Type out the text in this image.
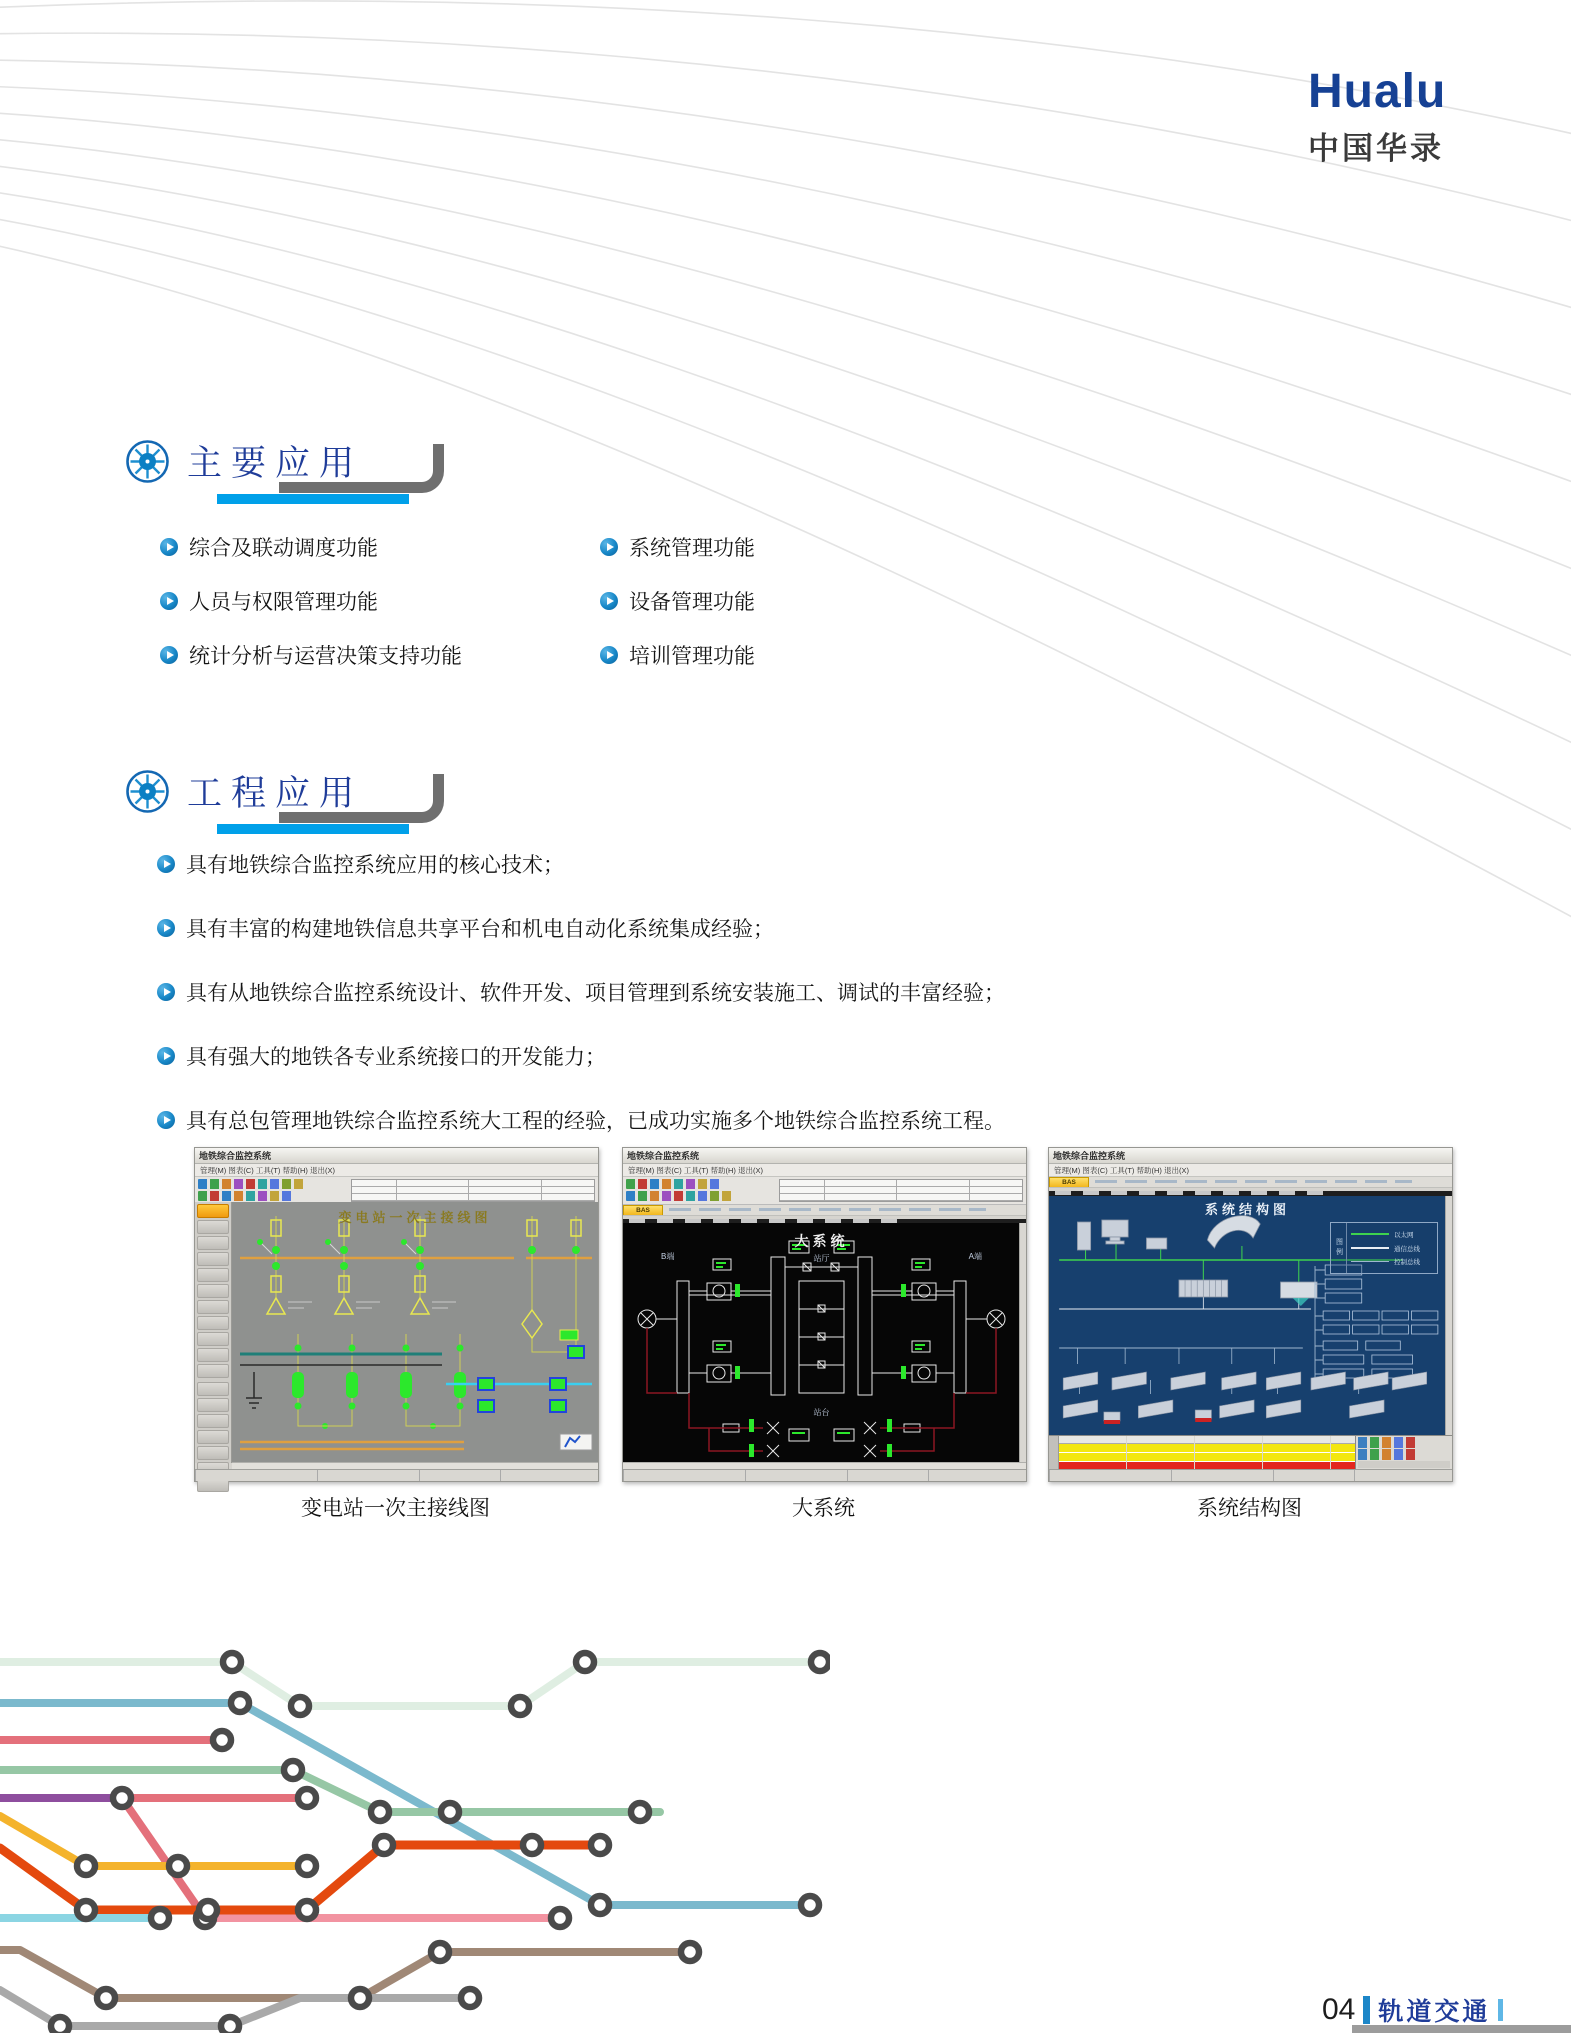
Hualu
中国华录
主要应用
综合及联动调度功能
人员与权限管理功能
统计分析与运营决策支持功能
系统管理功能
设备管理功能
培训管理功能
工程应用
具有地铁综合监控系统应用的核心技术；
具有丰富的构建地铁信息共享平台和机电自动化系统集成经验；
具有从地铁综合监控系统设计、软件开发、项目管理到系统安装施工、调试的丰富经验；
具有强大的地铁各专业系统接口的开发能力；
具有总包管理地铁综合监控系统大工程的经验，已成功实施多个地铁综合监控系统工程。
地铁综合监控系统
管理(M) 图表(C) 工具(T) 帮助(H) 退出(X)
变电站一次主接线图
地铁综合监控系统
管理(M) 图表(C) 工具(T) 帮助(H) 退出(X)
BAS
大系统
B端	A端
站厅
站台
地铁综合监控系统
管理(M) 图表(C) 工具(T) 帮助(H) 退出(X)
BAS
系统结构图
图例
以太网
通信总线
控制总线
变电站一次主接线图	大系统	系统结构图
04 轨道交通
